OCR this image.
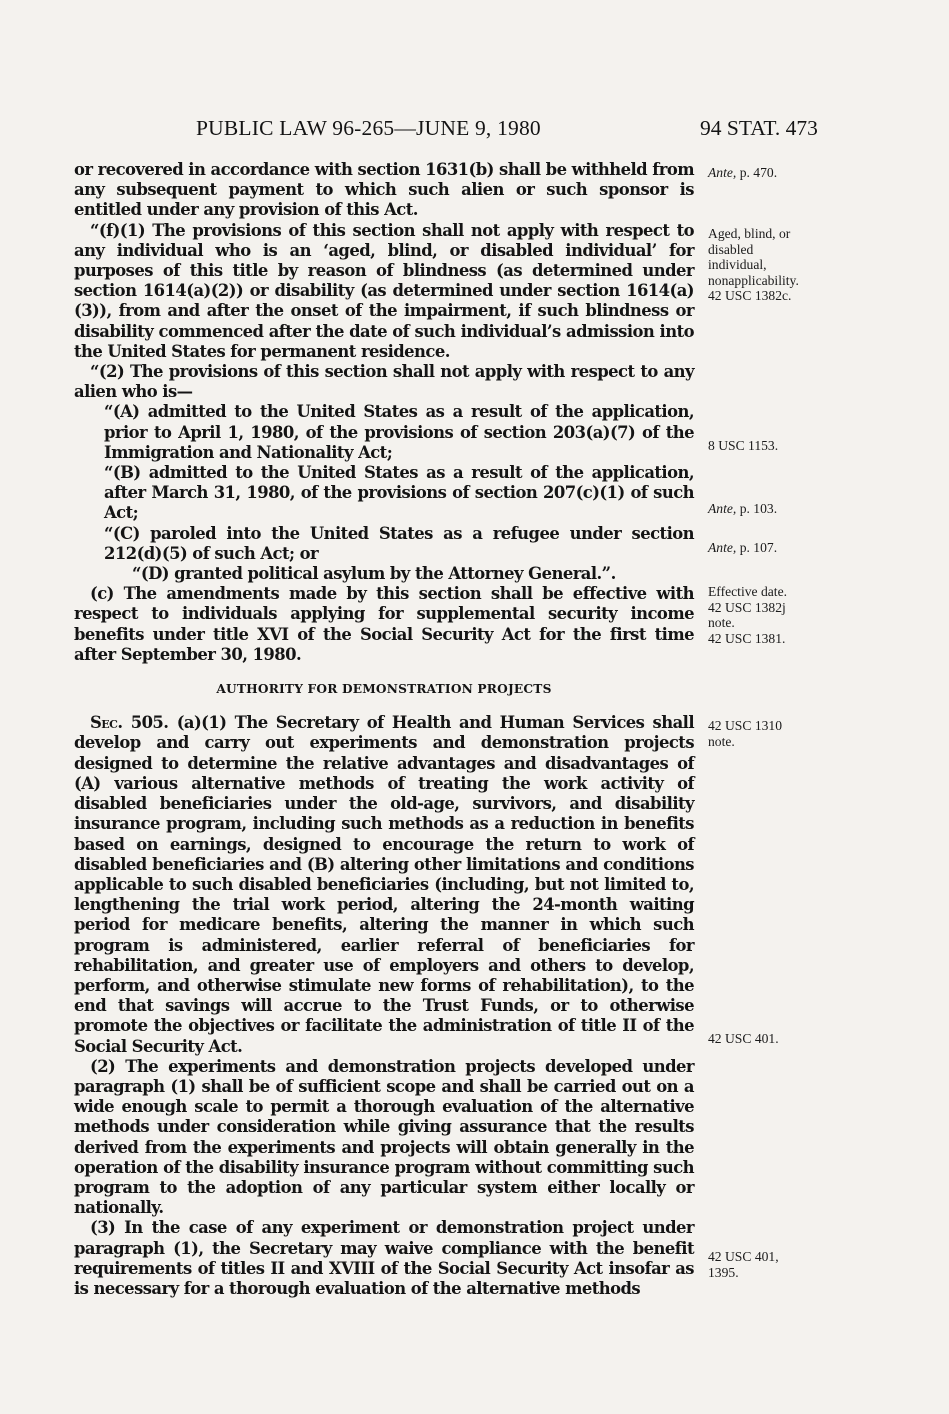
PUBLIC LAW 96-265—JUNE 9, 1980	94 STAT. 473

or recovered in accordance with section 1631(b) shall be withheld from any subsequent payment to which such alien or such sponsor is entitled under any provision of this Act.

“(f)(1) The provisions of this section shall not apply with respect to any individual who is an ‘aged, blind, or disabled individual’ for purposes of this title by reason of blindness (as determined under section 1614(a)(2)) or disability (as determined under section 1614(a)(3)), from and after the onset of the impairment, if such blindness or disability commenced after the date of such individual’s admission into the United States for permanent residence.

“(2) The provisions of this section shall not apply with respect to any alien who is—

“(A) admitted to the United States as a result of the application, prior to April 1, 1980, of the provisions of section 203(a)(7) of the Immigration and Nationality Act;

“(B) admitted to the United States as a result of the application, after March 31, 1980, of the provisions of section 207(c)(1) of such Act;

“(C) paroled into the United States as a refugee under section 212(d)(5) of such Act; or

“(D) granted political asylum by the Attorney General.”.

(c) The amendments made by this section shall be effective with respect to individuals applying for supplemental security income benefits under title XVI of the Social Security Act for the first time after September 30, 1980.

AUTHORITY FOR DEMONSTRATION PROJECTS

Sec. 505. (a)(1) The Secretary of Health and Human Services shall develop and carry out experiments and demonstration projects designed to determine the relative advantages and disadvantages of (A) various alternative methods of treating the work activity of disabled beneficiaries under the old-age, survivors, and disability insurance program, including such methods as a reduction in benefits based on earnings, designed to encourage the return to work of disabled beneficiaries and (B) altering other limitations and conditions applicable to such disabled beneficiaries (including, but not limited to, lengthening the trial work period, altering the 24-month waiting period for medicare benefits, altering the manner in which such program is administered, earlier referral of beneficiaries for rehabilitation, and greater use of employers and others to develop, perform, and otherwise stimulate new forms of rehabilitation), to the end that savings will accrue to the Trust Funds, or to otherwise promote the objectives or facilitate the administration of title II of the Social Security Act.

(2) The experiments and demonstration projects developed under paragraph (1) shall be of sufficient scope and shall be carried out on a wide enough scale to permit a thorough evaluation of the alternative methods under consideration while giving assurance that the results derived from the experiments and projects will obtain generally in the operation of the disability insurance program without committing such program to the adoption of any particular system either locally or nationally.

(3) In the case of any experiment or demonstration project under paragraph (1), the Secretary may waive compliance with the benefit requirements of titles II and XVIII of the Social Security Act insofar as is necessary for a thorough evaluation of the alternative methods

Ante, p. 470.
Aged, blind, or
disabled
individual,
nonapplicability.
42 USC 1382c.
8 USC 1153.
Ante, p. 103.
Ante, p. 107.
Effective date.
42 USC 1382j
note.
42 USC 1381.
42 USC 1310
note.
42 USC 401.
42 USC 401,
1395.
